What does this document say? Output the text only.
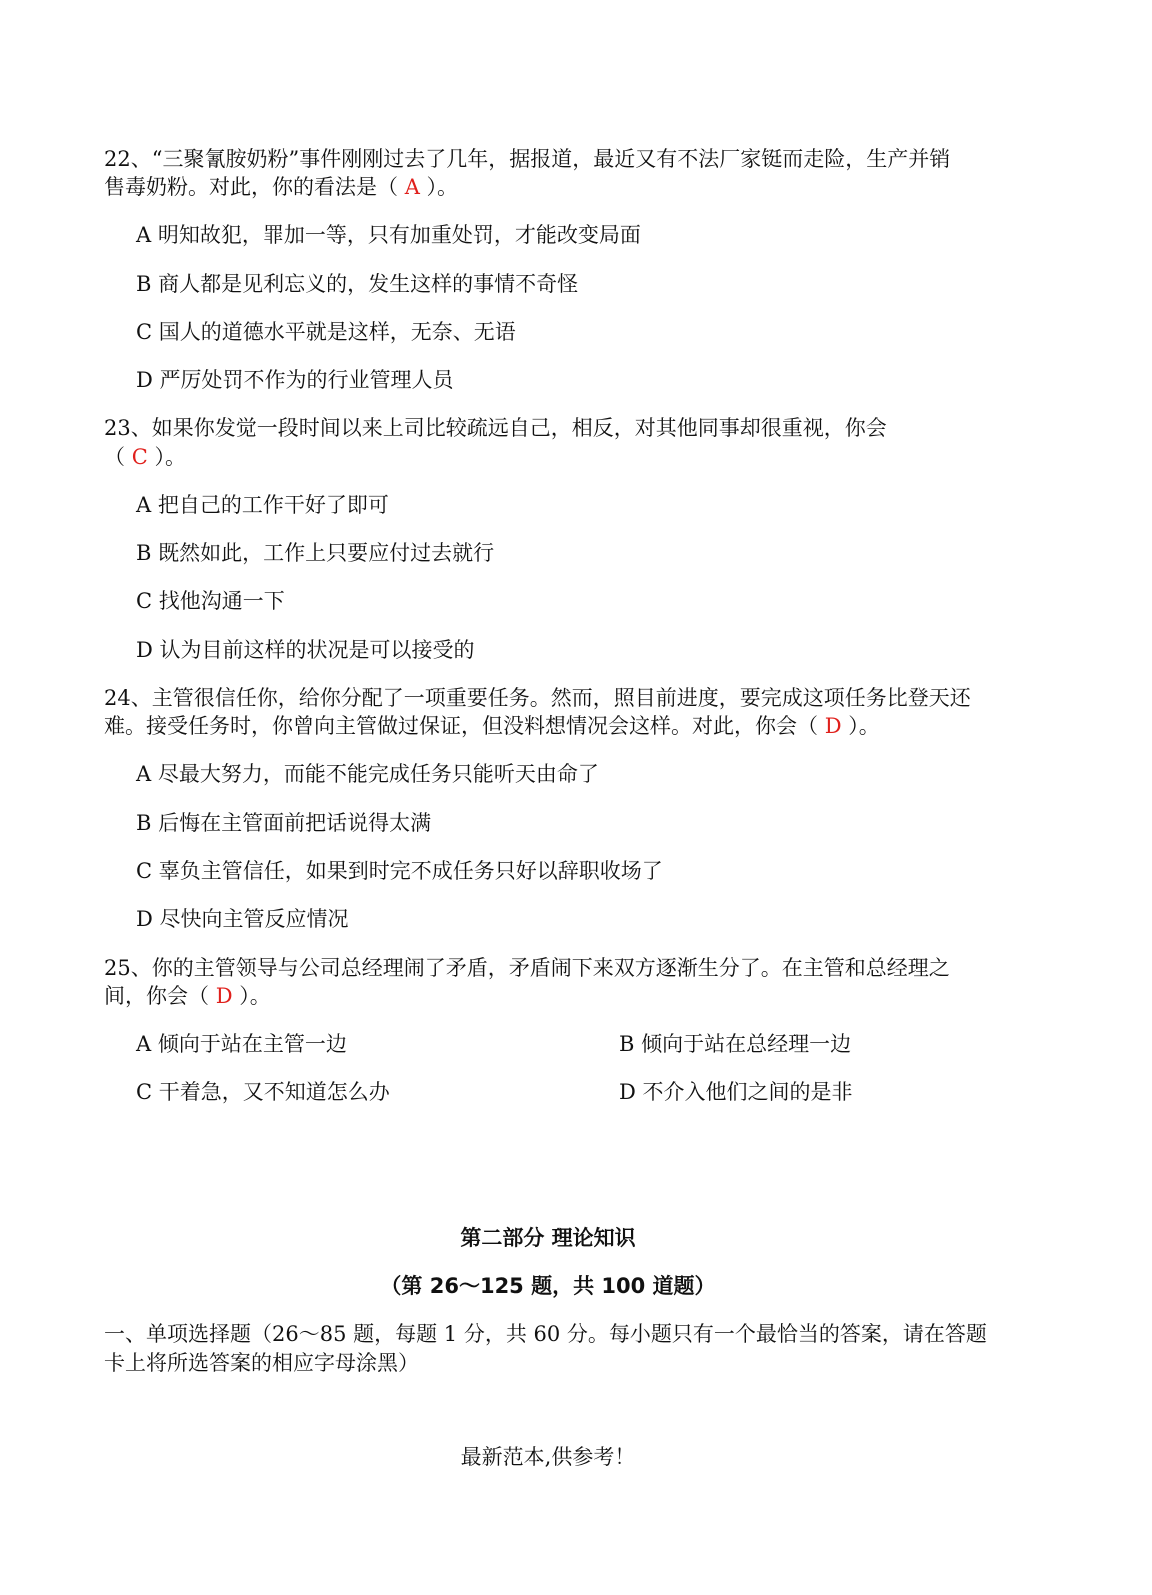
22、“三聚氰胺奶粉”事件刚刚过去了几年，据报道，最近又有不法厂家铤而走险，生产并销
售毒奶粉。对此，你的看法是（ A ）。
A 明知故犯，罪加一等，只有加重处罚，才能改变局面
B 商人都是见利忘义的，发生这样的事情不奇怪
C 国人的道德水平就是这样，无奈、无语
D 严厉处罚不作为的行业管理人员
23、如果你发觉一段时间以来上司比较疏远自己，相反，对其他同事却很重视，你会
（ C ）。
A 把自己的工作干好了即可
B 既然如此，工作上只要应付过去就行
C 找他沟通一下
D 认为目前这样的状况是可以接受的
24、主管很信任你，给你分配了一项重要任务。然而，照目前进度，要完成这项任务比登天还
难。接受任务时，你曾向主管做过保证，但没料想情况会这样。对此，你会（ D ）。
A 尽最大努力，而能不能完成任务只能听天由命了
B 后悔在主管面前把话说得太满
C 辜负主管信任，如果到时完不成任务只好以辞职收场了
D 尽快向主管反应情况
25、你的主管领导与公司总经理闹了矛盾，矛盾闹下来双方逐渐生分了。在主管和总经理之
间，你会（ D ）。
A 倾向于站在主管一边	B 倾向于站在总经理一边
C 干着急，又不知道怎么办	D 不介入他们之间的是非
第二部分 理论知识
（第 26～125 题，共 100 道题）
一、单项选择题（26～85 题，每题 1 分，共 60 分。每小题只有一个最恰当的答案，请在答题
卡上将所选答案的相应字母涂黑）
最新范本,供参考！
